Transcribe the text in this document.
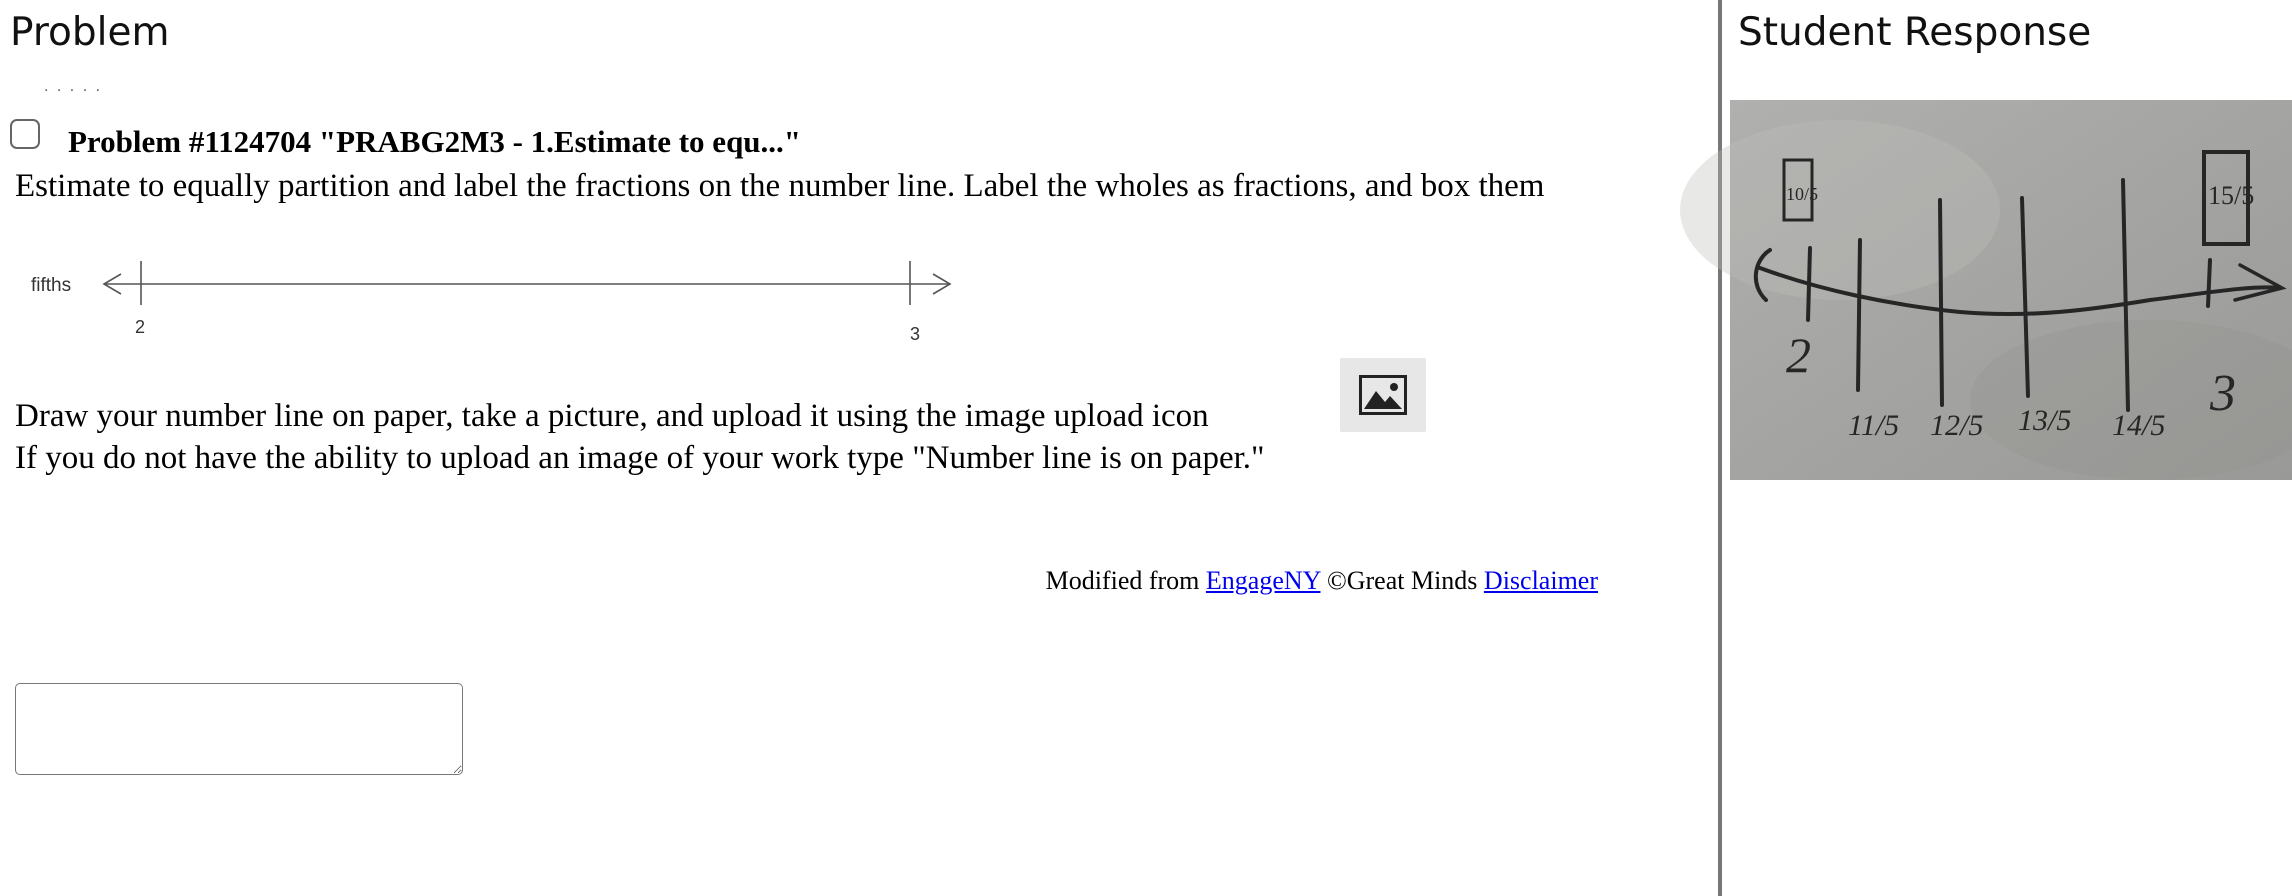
Problem
· · · · ·
Problem #1124704 "PRABG2M3 - 1.Estimate to equ..."
Estimate to equally partition and label the fractions on the number line. Label the wholes as fractions, and box them
fifths
2	3
Draw your number line on paper, take a picture, and upload it using the image upload icon
If you do not have the ability to upload an image of your work type "Number line is on paper."
Modified from EngageNY ©Great Minds Disclaimer
Student Response
2
3
11/5 12/5 13/5 14/5
10/5	15/5
